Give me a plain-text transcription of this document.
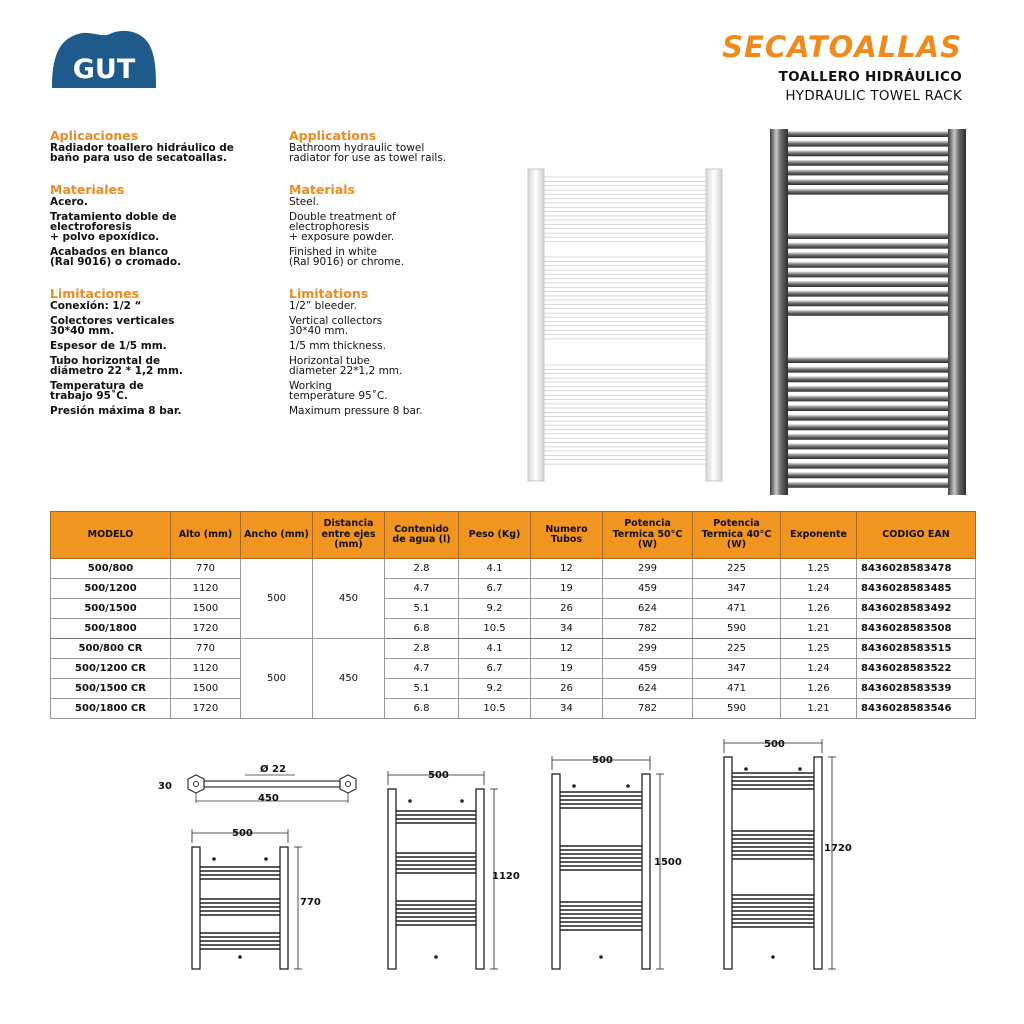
GUT
SECATOALLAS
TOALLERO HIDRÁULICO
HYDRAULIC TOWEL RACK
Aplicaciones
Radiador toallero hidráulico de
baño para uso de secatoallas.
Materiales
Acero.
Tratamiento doble de
electroforesis
+ polvo epoxídico.
Acabados en blanco
(Ral 9016) o cromado.
Limitaciones
Conexión: 1/2 “
Colectores verticales
30*40 mm.
Espesor de 1/5 mm.
Tubo horizontal de
diámetro 22 * 1,2 mm.
Temperatura de
trabajo 95˚C.
Presión máxima 8 bar.
Applications
Bathroom hydraulic towel
radiator for use as towel rails.
Materials
Steel.
Double treatment of
electrophoresis
+ exposure powder.
Finished in white
(Ral 9016) or chrome.
Limitations
1/2” bleeder.
Vertical collectors
30*40 mm.
1/5 mm thickness.
Horizontal tube
diameter 22*1,2 mm.
Working
temperature 95˚C.
Maximum pressure 8 bar.
MODELO	Alto (mm)	Ancho (mm)	Distancia entre ejes (mm)	Contenido de agua (l)	Peso (Kg)	Numero Tubos	Potencia Termica 50°C (W)	Potencia Termica 40°C (W)	Exponente	CODIGO EAN
500/800	770	500	450	2.8	4.1	12	299	225	1.25	8436028583478
500/1200	1120			4.7	6.7	19	459	347	1.24	8436028583485
500/1500	1500			5.1	9.2	26	624	471	1.26	8436028583492
500/1800	1720			6.8	10.5	34	782	590	1.21	8436028583508
500/800 CR	770	500	450	2.8	4.1	12	299	225	1.25	8436028583515
500/1200 CR	1120			4.7	6.7	19	459	347	1.24	8436028583522
500/1500 CR	1500			5.1	9.2	26	624	471	1.26	8436028583539
500/1800 CR	1720			6.8	10.5	34	782	590	1.21	8436028583546
Ø 22
30
450
500
770
500
1120
500
1500
500
1720
